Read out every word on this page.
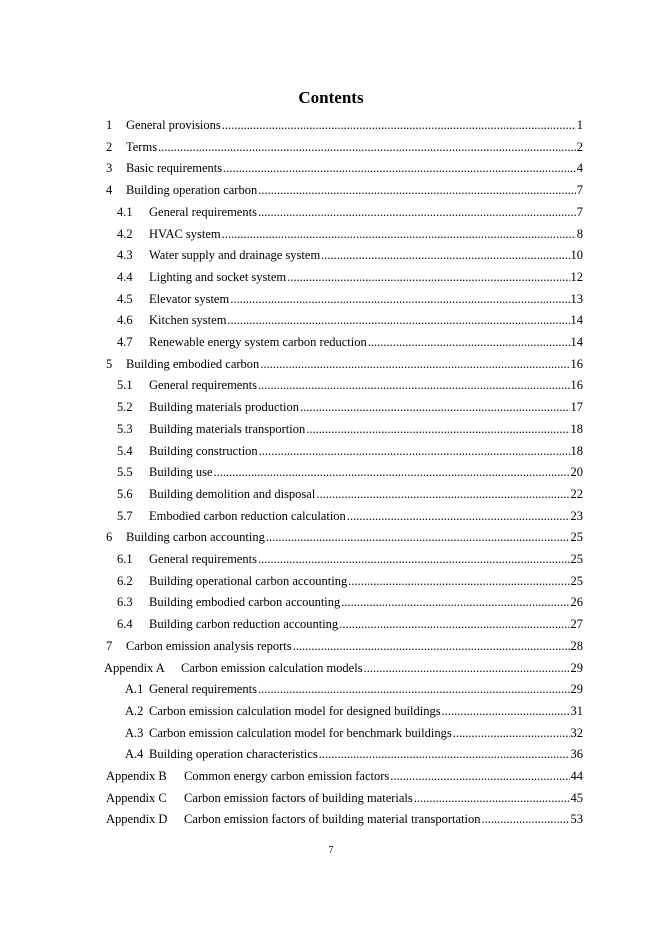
Contents
1	General provisions .....	1
2	Terms .....	2
3	Basic requirements .....	4
4	Building operation carbon .....	7
4.1	General requirements .....	7
4.2	HVAC system .....	8
4.3	Water supply and drainage system .....	10
4.4	Lighting and socket system .....	12
4.5	Elevator system .....	13
4.6	Kitchen system .....	14
4.7	Renewable energy system carbon reduction .....	14
5	Building embodied carbon .....	16
5.1	General requirements .....	16
5.2	Building materials production .....	17
5.3	Building materials transportion .....	18
5.4	Building construction .....	18
5.5	Building use .....	20
5.6	Building demolition and disposal .....	22
5.7	Embodied carbon reduction calculation .....	23
6	Building carbon accounting .....	25
6.1	General requirements .....	25
6.2	Building operational carbon accounting .....	25
6.3	Building embodied carbon accounting .....	26
6.4	Building carbon reduction accounting .....	27
7	Carbon emission analysis reports .....	28
Appendix A	Carbon emission calculation models .....	29
A.1 General requirements .....	29
A.2 Carbon emission calculation model for designed buildings .....	31
A.3 Carbon emission calculation model for benchmark buildings .....	32
A.4 Building operation characteristics .....	36
Appendix B	Common energy carbon emission factors .....	44
Appendix C	Carbon emission factors of building materials .....	45
Appendix D	Carbon emission factors of building material transportation .....	53
7
